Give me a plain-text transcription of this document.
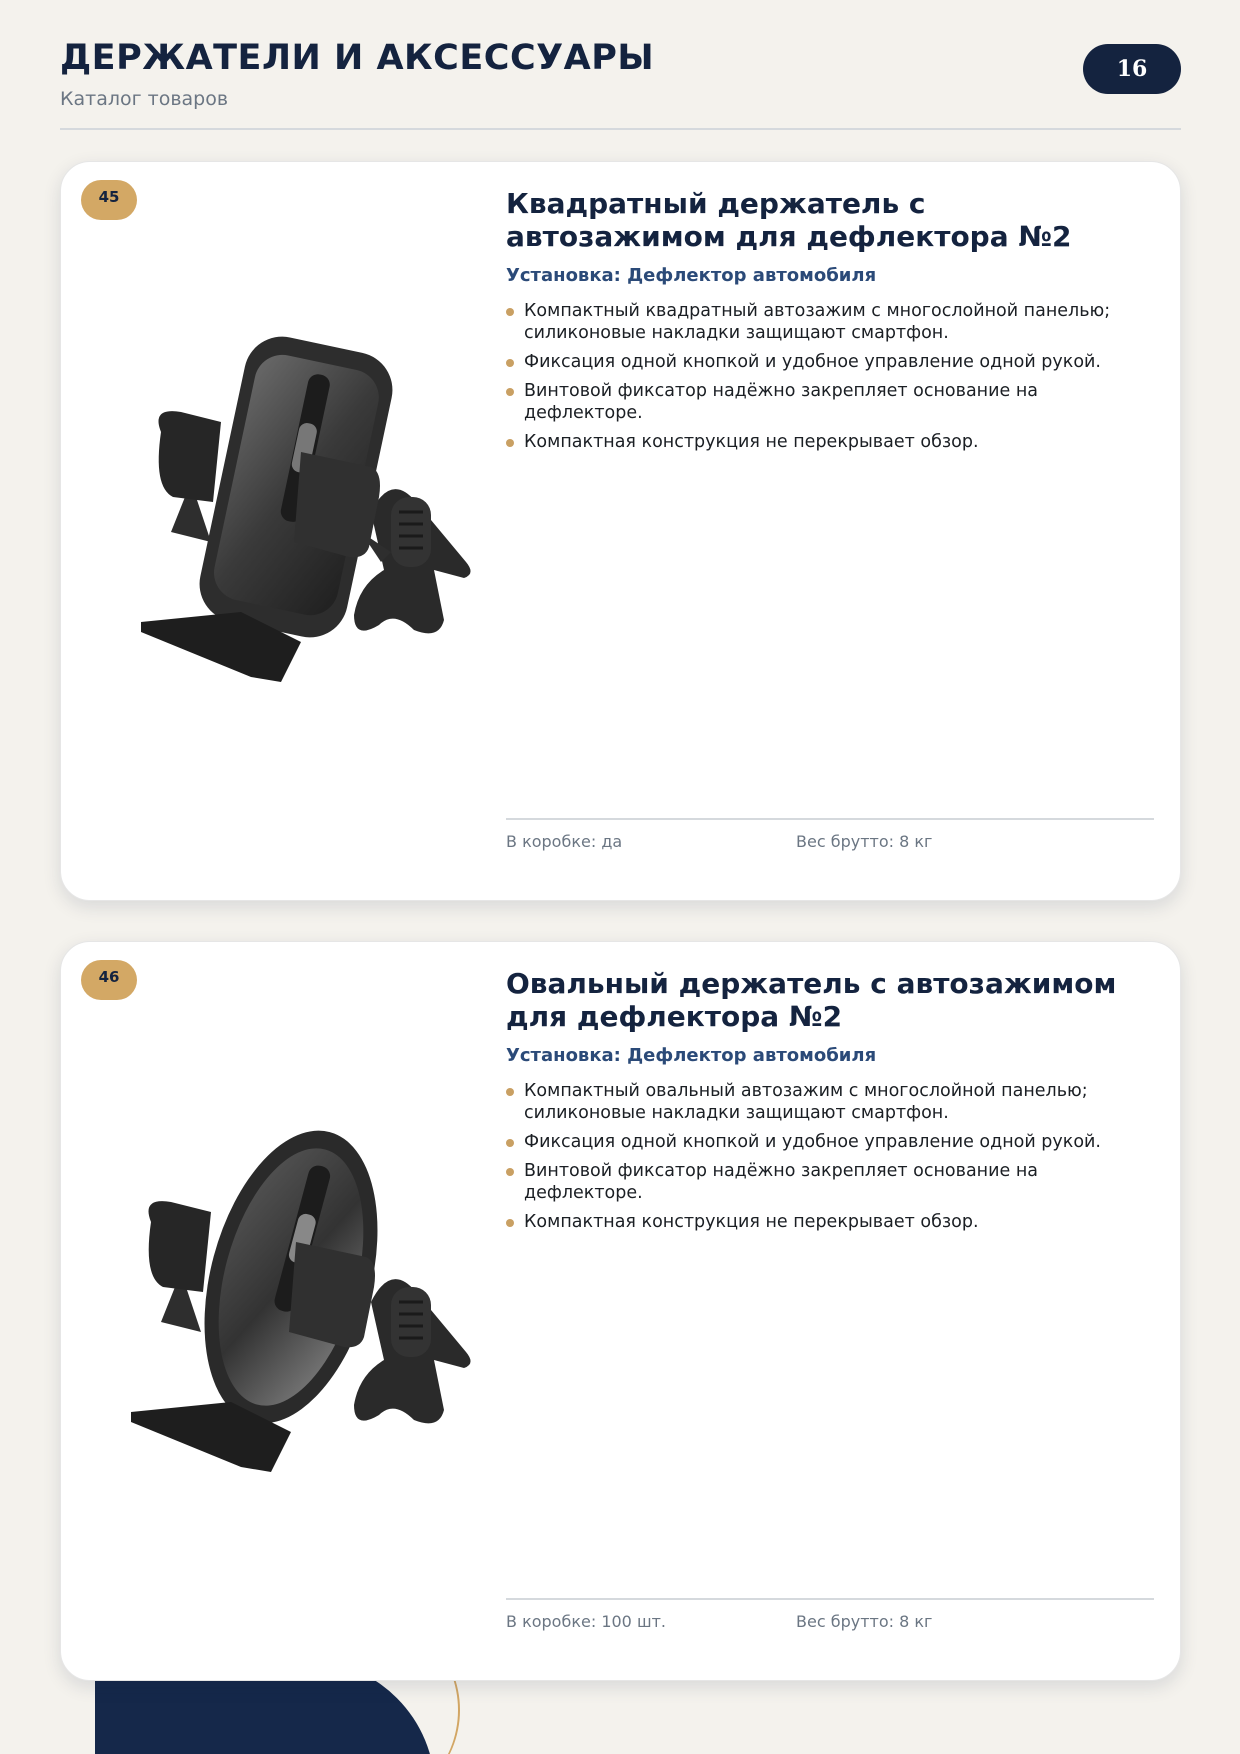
ДЕРЖАТЕЛИ И АКСЕССУАРЫ
Каталог товаров
16
45	Квадратный держатель с автозажимом для дефлектора №2
Установка: Дефлектор автомобиля
Компактный квадратный автозажим с многослойной панелью; силиконовые накладки защищают смартфон.
Фиксация одной кнопкой и удобное управление одной рукой.
Винтовой фиксатор надёжно закрепляет основание на дефлекторе.
Компактная конструкция не перекрывает обзор.
В коробке: да	Вес брутто: 8 кг
46	Овальный держатель с автозажимом для дефлектора №2
Установка: Дефлектор автомобиля
Компактный овальный автозажим с многослойной панелью; силиконовые накладки защищают смартфон.
Фиксация одной кнопкой и удобное управление одной рукой.
Винтовой фиксатор надёжно закрепляет основание на дефлекторе.
Компактная конструкция не перекрывает обзор.
В коробке: 100 шт.	Вес брутто: 8 кг
